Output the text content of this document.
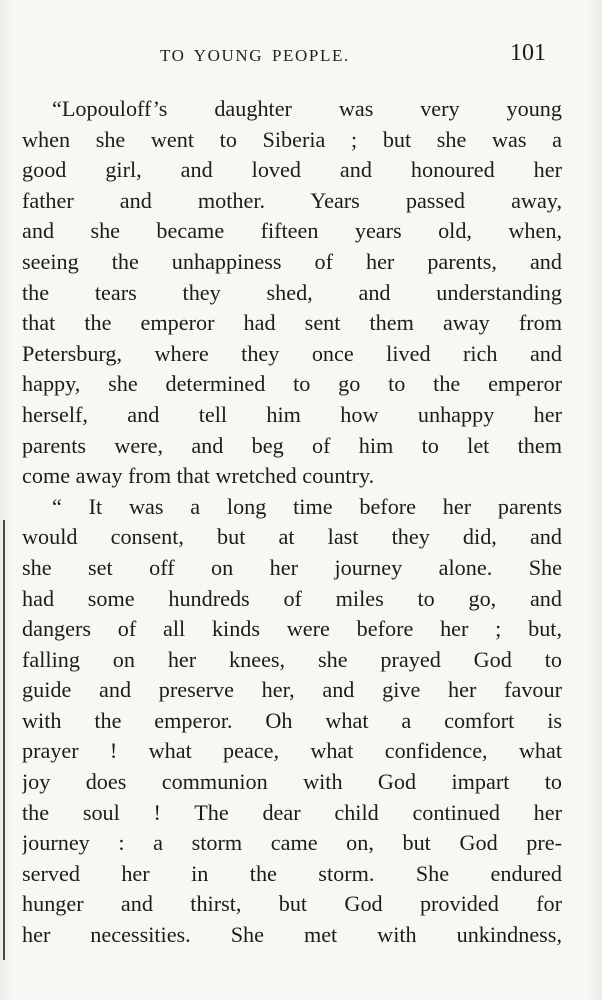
TO YOUNG PEOPLE.	101
“Lopouloff’s daughter was very young
when she went to Siberia ; but she was a
good girl, and loved and honoured her
father and mother. Years passed away,
and she became fifteen years old, when,
seeing the unhappiness of her parents, and
the tears they shed, and understanding
that the emperor had sent them away from
Petersburg, where they once lived rich and
happy, she determined to go to the emperor
herself, and tell him how unhappy her
parents were, and beg of him to let them
come away from that wretched country.
“ It was a long time before her parents
would consent, but at last they did, and
she set off on her journey alone. She
had some hundreds of miles to go, and
dangers of all kinds were before her ; but,
falling on her knees, she prayed God to
guide and preserve her, and give her favour
with the emperor. Oh what a comfort is
prayer ! what peace, what confidence, what
joy does communion with God impart to
the soul ! The dear child continued her
journey : a storm came on, but God pre-
served her in the storm. She endured
hunger and thirst, but God provided for
her necessities. She met with unkindness,
